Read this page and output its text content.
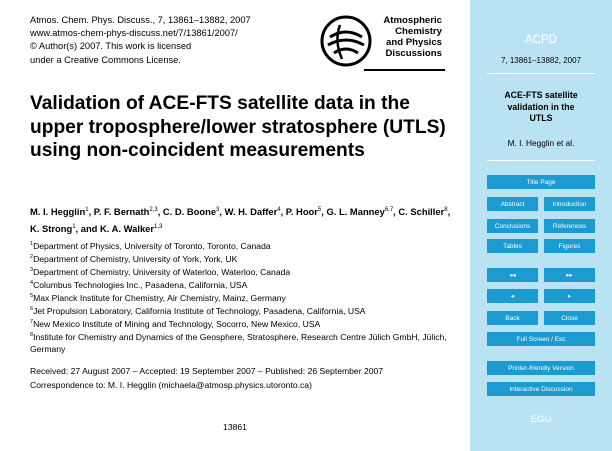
Atmos. Chem. Phys. Discuss., 7, 13861–13882, 2007
www.atmos-chem-phys-discuss.net/7/13861/2007/
© Author(s) 2007. This work is licensed
under a Creative Commons License.
Atmospheric
Chemistry
and Physics
Discussions
Validation of ACE-FTS satellite data in the upper troposphere/lower stratosphere (UTLS) using non-coincident measurements
M. I. Hegglin$^1$, P. F. Bernath$^{2,3}$, C. D. Boone$^3$, W. H. Daffer$^4$, P. Hoor$^5$, G. L. Manney$^{6,7}$, C. Schiller$^8$, K. Strong$^1$, and K. A. Walker$^{1,3}$
$^1$Department of Physics, University of Toronto, Toronto, Canada
$^2$Department of Chemistry, University of York, York, UK
$^3$Department of Chemistry, University of Waterloo, Waterloo, Canada
$^4$Columbus Technologies Inc., Pasadena, California, USA
$^5$Max Planck Institute for Chemistry, Air Chemistry, Mainz, Germany
$^6$Jet Propulsion Laboratory, California Institute of Technology, Pasadena, California, USA
$^7$New Mexico Institute of Mining and Technology, Socorro, New Mexico, USA
$^8$Institute for Chemistry and Dynamics of the Geosphere, Stratosphere, Research Centre Jülich GmbH, Jülich, Germany
Received: 27 August 2007 – Accepted: 19 September 2007 – Published: 26 September 2007
Correspondence to: M. I. Hegglin (michaela@atmosp.physics.utoronto.ca)
13861
ACPD
7, 13861–13882, 2007
ACE-FTS satellite
validation in the
UTLS
M. I. Hegglin et al.
Title Page
Abstract	Introduction
Conclusions	References
Tables	Figures
◂◂	▸▸
◂	▸
Back	Close
Full Screen / Esc
Printer-friendly Version
Interactive Discussion
EGU
